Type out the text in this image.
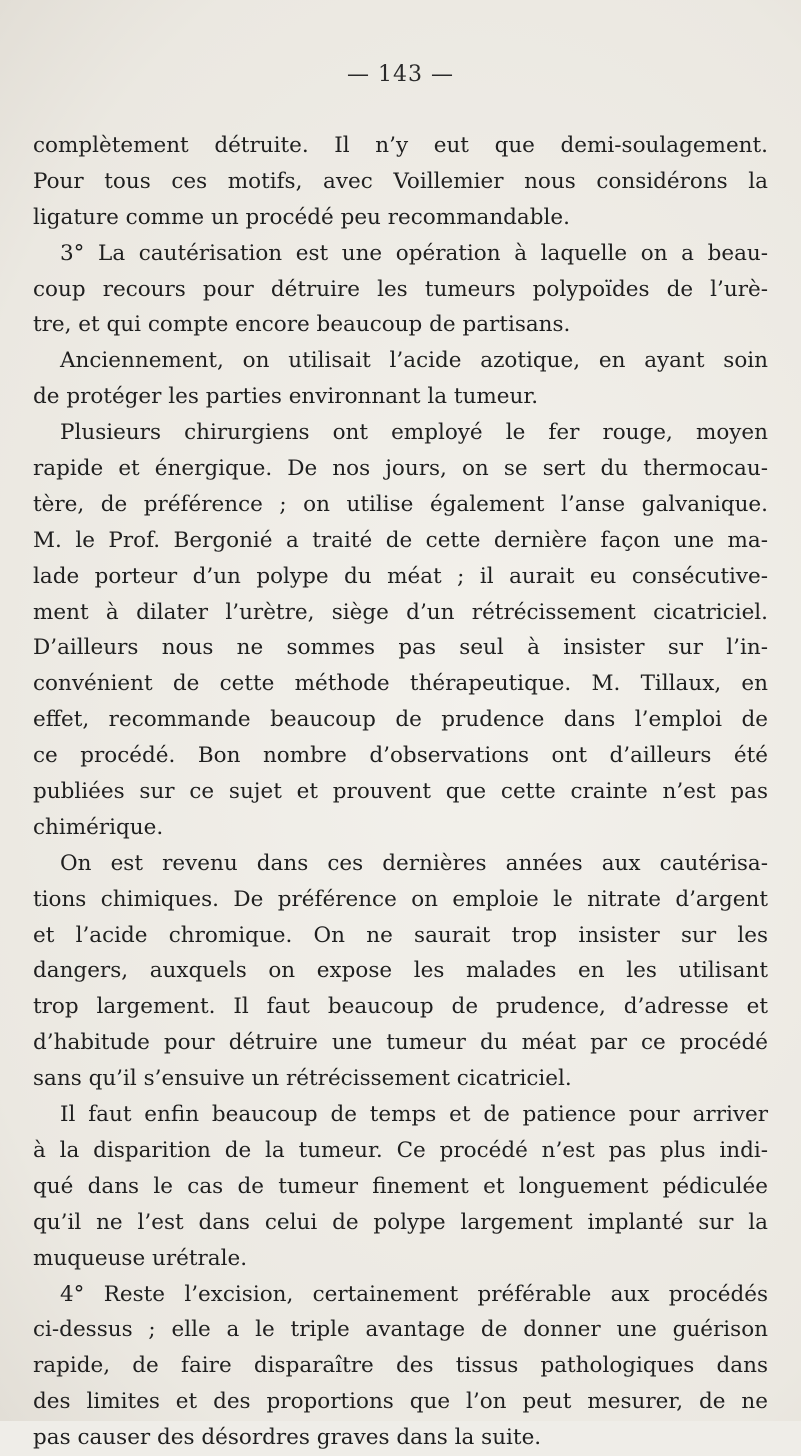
— 143 —
complètement détruite. Il n’y eut que demi-soulagement.
Pour tous ces motifs, avec Voillemier nous considérons la
ligature comme un procédé peu recommandable.
3° La cautérisation est une opération à laquelle on a beau-
coup recours pour détruire les tumeurs polypoïdes de l’urè-
tre, et qui compte encore beaucoup de partisans.
Anciennement, on utilisait l’acide azotique, en ayant soin
de protéger les parties environnant la tumeur.
Plusieurs chirurgiens ont employé le fer rouge, moyen
rapide et énergique. De nos jours, on se sert du thermocau-
tère, de préférence ; on utilise également l’anse galvanique.
M. le Prof. Bergonié a traité de cette dernière façon une ma-
lade porteur d’un polype du méat ; il aurait eu consécutive-
ment à dilater l’urètre, siège d’un rétrécissement cicatriciel.
D’ailleurs nous ne sommes pas seul à insister sur l’in-
convénient de cette méthode thérapeutique. M. Tillaux, en
effet, recommande beaucoup de prudence dans l’emploi de
ce procédé. Bon nombre d’observations ont d’ailleurs été
publiées sur ce sujet et prouvent que cette crainte n’est pas
chimérique.
On est revenu dans ces dernières années aux cautérisa-
tions chimiques. De préférence on emploie le nitrate d’argent
et l’acide chromique. On ne saurait trop insister sur les
dangers, auxquels on expose les malades en les utilisant
trop largement. Il faut beaucoup de prudence, d’adresse et
d’habitude pour détruire une tumeur du méat par ce procédé
sans qu’il s’ensuive un rétrécissement cicatriciel.
Il faut enfin beaucoup de temps et de patience pour arriver
à la disparition de la tumeur. Ce procédé n’est pas plus indi-
qué dans le cas de tumeur finement et longuement pédiculée
qu’il ne l’est dans celui de polype largement implanté sur la
muqueuse urétrale.
4° Reste l’excision, certainement préférable aux procédés
ci-dessus ; elle a le triple avantage de donner une guérison
rapide, de faire disparaître des tissus pathologiques dans
des limites et des proportions que l’on peut mesurer, de ne
pas causer des désordres graves dans la suite.
